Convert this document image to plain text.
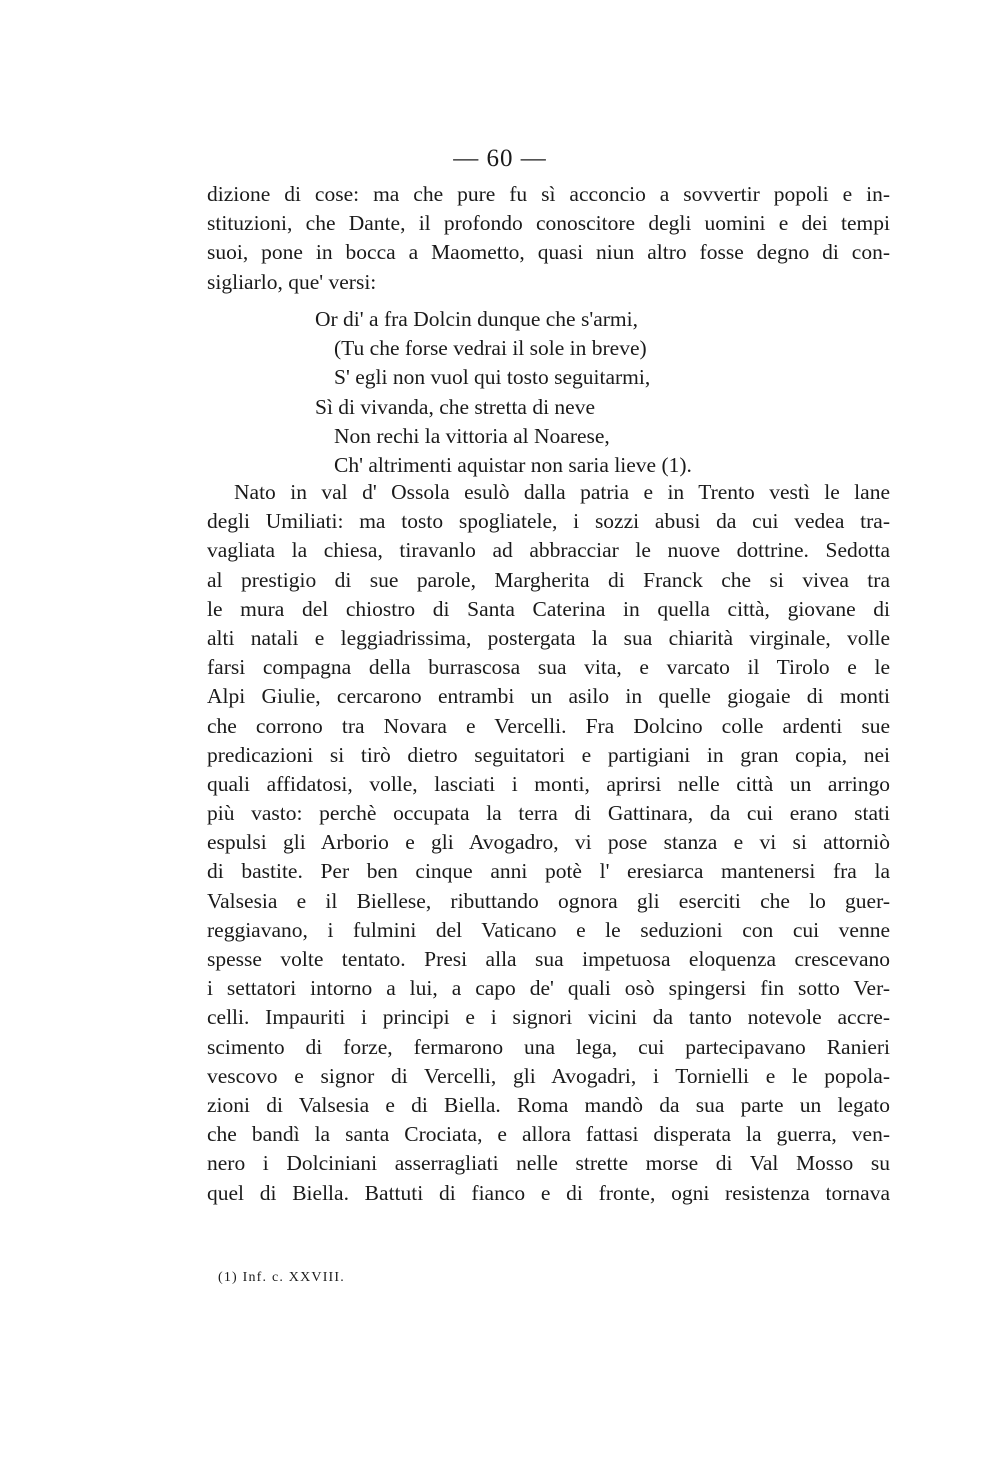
— 60 —
dizione di cose: ma che pure fu sì acconcio a sovvertir popoli e in-
stituzioni, che Dante, il profondo conoscitore degli uomini e dei tempi
suoi, pone in bocca a Maometto, quasi niun altro fosse degno di con-
sigliarlo, que' versi:
Or di' a fra Dolcin dunque che s'armi,
(Tu che forse vedrai il sole in breve)
S' egli non vuol qui tosto seguitarmi,
Sì di vivanda, che stretta di neve
Non rechi la vittoria al Noarese,
Ch' altrimenti aquistar non saria lieve (1).
Nato in val d' Ossola esulò dalla patria e in Trento vestì le lane
degli Umiliati: ma tosto spogliatele, i sozzi abusi da cui vedea tra-
vagliata la chiesa, tiravanlo ad abbracciar le nuove dottrine. Sedotta
al prestigio di sue parole, Margherita di Franck che si vivea tra
le mura del chiostro di Santa Caterina in quella città, giovane di
alti natali e leggiadrissima, postergata la sua chiarità virginale, volle
farsi compagna della burrascosa sua vita, e varcato il Tirolo e le
Alpi Giulie, cercarono entrambi un asilo in quelle giogaie di monti
che corrono tra Novara e Vercelli. Fra Dolcino colle ardenti sue
predicazioni si tirò dietro seguitatori e partigiani in gran copia, nei
quali affidatosi, volle, lasciati i monti, aprirsi nelle città un arringo
più vasto: perchè occupata la terra di Gattinara, da cui erano stati
espulsi gli Arborio e gli Avogadro, vi pose stanza e vi si attorniò
di bastite. Per ben cinque anni potè l' eresiarca mantenersi fra la
Valsesia e il Biellese, ributtando ognora gli eserciti che lo guer-
reggiavano, i fulmini del Vaticano e le seduzioni con cui venne
spesse volte tentato. Presi alla sua impetuosa eloquenza crescevano
i settatori intorno a lui, a capo de' quali osò spingersi fin sotto Ver-
celli. Impauriti i principi e i signori vicini da tanto notevole accre-
scimento di forze, fermarono una lega, cui partecipavano Ranieri
vescovo e signor di Vercelli, gli Avogadri, i Tornielli e le popola-
zioni di Valsesia e di Biella. Roma mandò da sua parte un legato
che bandì la santa Crociata, e allora fattasi disperata la guerra, ven-
nero i Dolciniani asserragliati nelle strette morse di Val Mosso su
quel di Biella. Battuti di fianco e di fronte, ogni resistenza tornava
(1) Inf. c. XXVIII.
